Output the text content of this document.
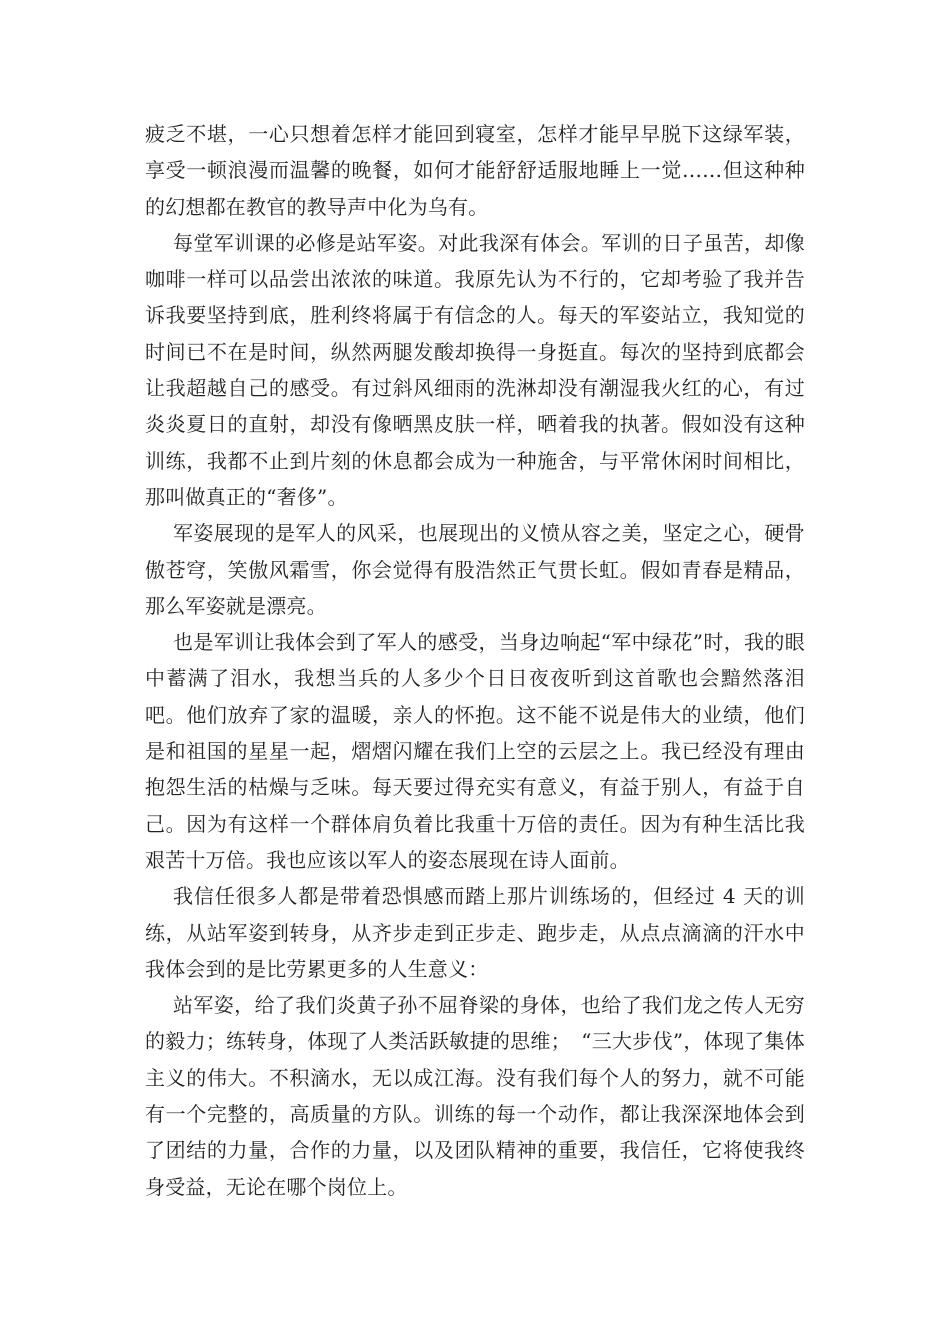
疲乏不堪，一心只想着怎样才能回到寝室，怎样才能早早脱下这绿军装，享受一顿浪漫而温馨的晚餐，如何才能舒舒适服地睡上一觉……但这种种的幻想都在教官的教导声中化为乌有。

每堂军训课的必修是站军姿。对此我深有体会。军训的日子虽苦，却像咖啡一样可以品尝出浓浓的味道。我原先认为不行的，它却考验了我并告诉我要坚持到底，胜利终将属于有信念的人。每天的军姿站立，我知觉的时间已不在是时间，纵然两腿发酸却换得一身挺直。每次的坚持到底都会让我超越自己的感受。有过斜风细雨的洗淋却没有潮湿我火红的心，有过炎炎夏日的直射，却没有像晒黑皮肤一样，晒着我的执著。假如没有这种训练，我都不止到片刻的休息都会成为一种施舍，与平常休闲时间相比，那叫做真正的“奢侈”。

军姿展现的是军人的风采，也展现出的义愤从容之美，坚定之心，硬骨傲苍穹，笑傲风霜雪，你会觉得有股浩然正气贯长虹。假如青春是精品，那么军姿就是漂亮。

也是军训让我体会到了军人的感受，当身边响起“军中绿花”时，我的眼中蓄满了泪水，我想当兵的人多少个日日夜夜听到这首歌也会黯然落泪吧。他们放弃了家的温暖，亲人的怀抱。这不能不说是伟大的业绩，他们是和祖国的星星一起，熠熠闪耀在我们上空的云层之上。我已经没有理由抱怨生活的枯燥与乏味。每天要过得充实有意义，有益于别人，有益于自己。因为有这样一个群体肩负着比我重十万倍的责任。因为有种生活比我艰苦十万倍。我也应该以军人的姿态展现在诗人面前。

我信任很多人都是带着恐惧感而踏上那片训练场的，但经过 4 天的训练，从站军姿到转身，从齐步走到正步走、跑步走，从点点滴滴的汗水中我体会到的是比劳累更多的人生意义：

站军姿，给了我们炎黄子孙不屈脊梁的身体，也给了我们龙之传人无穷的毅力；练转身，体现了人类活跃敏捷的思维；　“三大步伐”，体现了集体主义的伟大。不积滴水，无以成江海。没有我们每个人的努力，就不可能有一个完整的，高质量的方队。训练的每一个动作，都让我深深地体会到了团结的力量，合作的力量，以及团队精神的重要，我信任，它将使我终身受益，无论在哪个岗位上。
